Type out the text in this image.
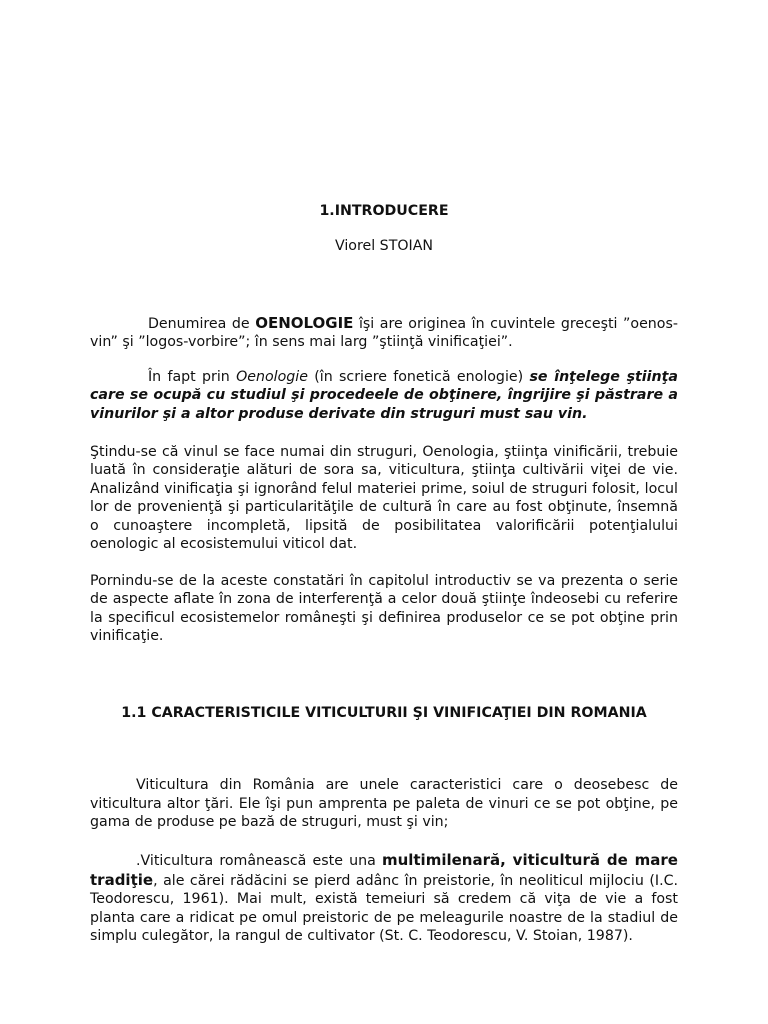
1.INTRODUCERE
Viorel STOIAN
Denumirea de OENOLOGIE îşi are originea în cuvintele greceşti ”oenos-vin” şi ”logos-vorbire”; în sens mai larg ”ştiinţă vinificaţiei”.
În fapt prin Oenologie (în scriere fonetică enologie) se înţelege ştiinţa care se ocupă cu studiul şi procedeele de obţinere, îngrijire şi păstrare a vinurilor şi a altor produse derivate din struguri must sau vin.
Ştindu-se că vinul se face numai din struguri, Oenologia, ştiinţa vinificării, trebuie luată în consideraţie alături de sora sa, viticultura, ştiinţa cultivării viţei de vie. Analizând vinificaţia şi ignorând felul materiei prime, soiul de struguri folosit, locul lor de provenienţă şi particularităţile de cultură în care au fost obţinute, însemnă o cunoaştere incompletă, lipsită de posibilitatea valorificării potenţialului oenologic al ecosistemului viticol dat.
Pornindu-se de la aceste constatări în capitolul introductiv se va prezenta o serie de aspecte aflate în zona de interferenţă a celor două ştiinţe îndeosebi cu referire la specificul ecosistemelor româneşti şi definirea produselor ce se pot obţine prin vinificaţie.
1.1 CARACTERISTICILE VITICULTURII ŞI VINIFICAŢIEI DIN ROMANIA
Viticultura din România are unele caracteristici care o deosebesc de viticultura altor ţări. Ele îşi pun amprenta pe paleta de vinuri ce se pot obţine, pe gama de produse pe bază de struguri, must şi vin;
.Viticultura românească este una multimilenară, viticultură de mare tradiţie, ale cărei rădăcini se pierd adânc în preistorie, în neoliticul mijlociu (I.C. Teodorescu, 1961). Mai mult, există temeiuri să credem că viţa de vie a fost planta care a ridicat pe omul preistoric de pe meleagurile noastre de la stadiul de simplu culegător, la rangul de cultivator (St. C. Teodorescu, V. Stoian, 1987).
